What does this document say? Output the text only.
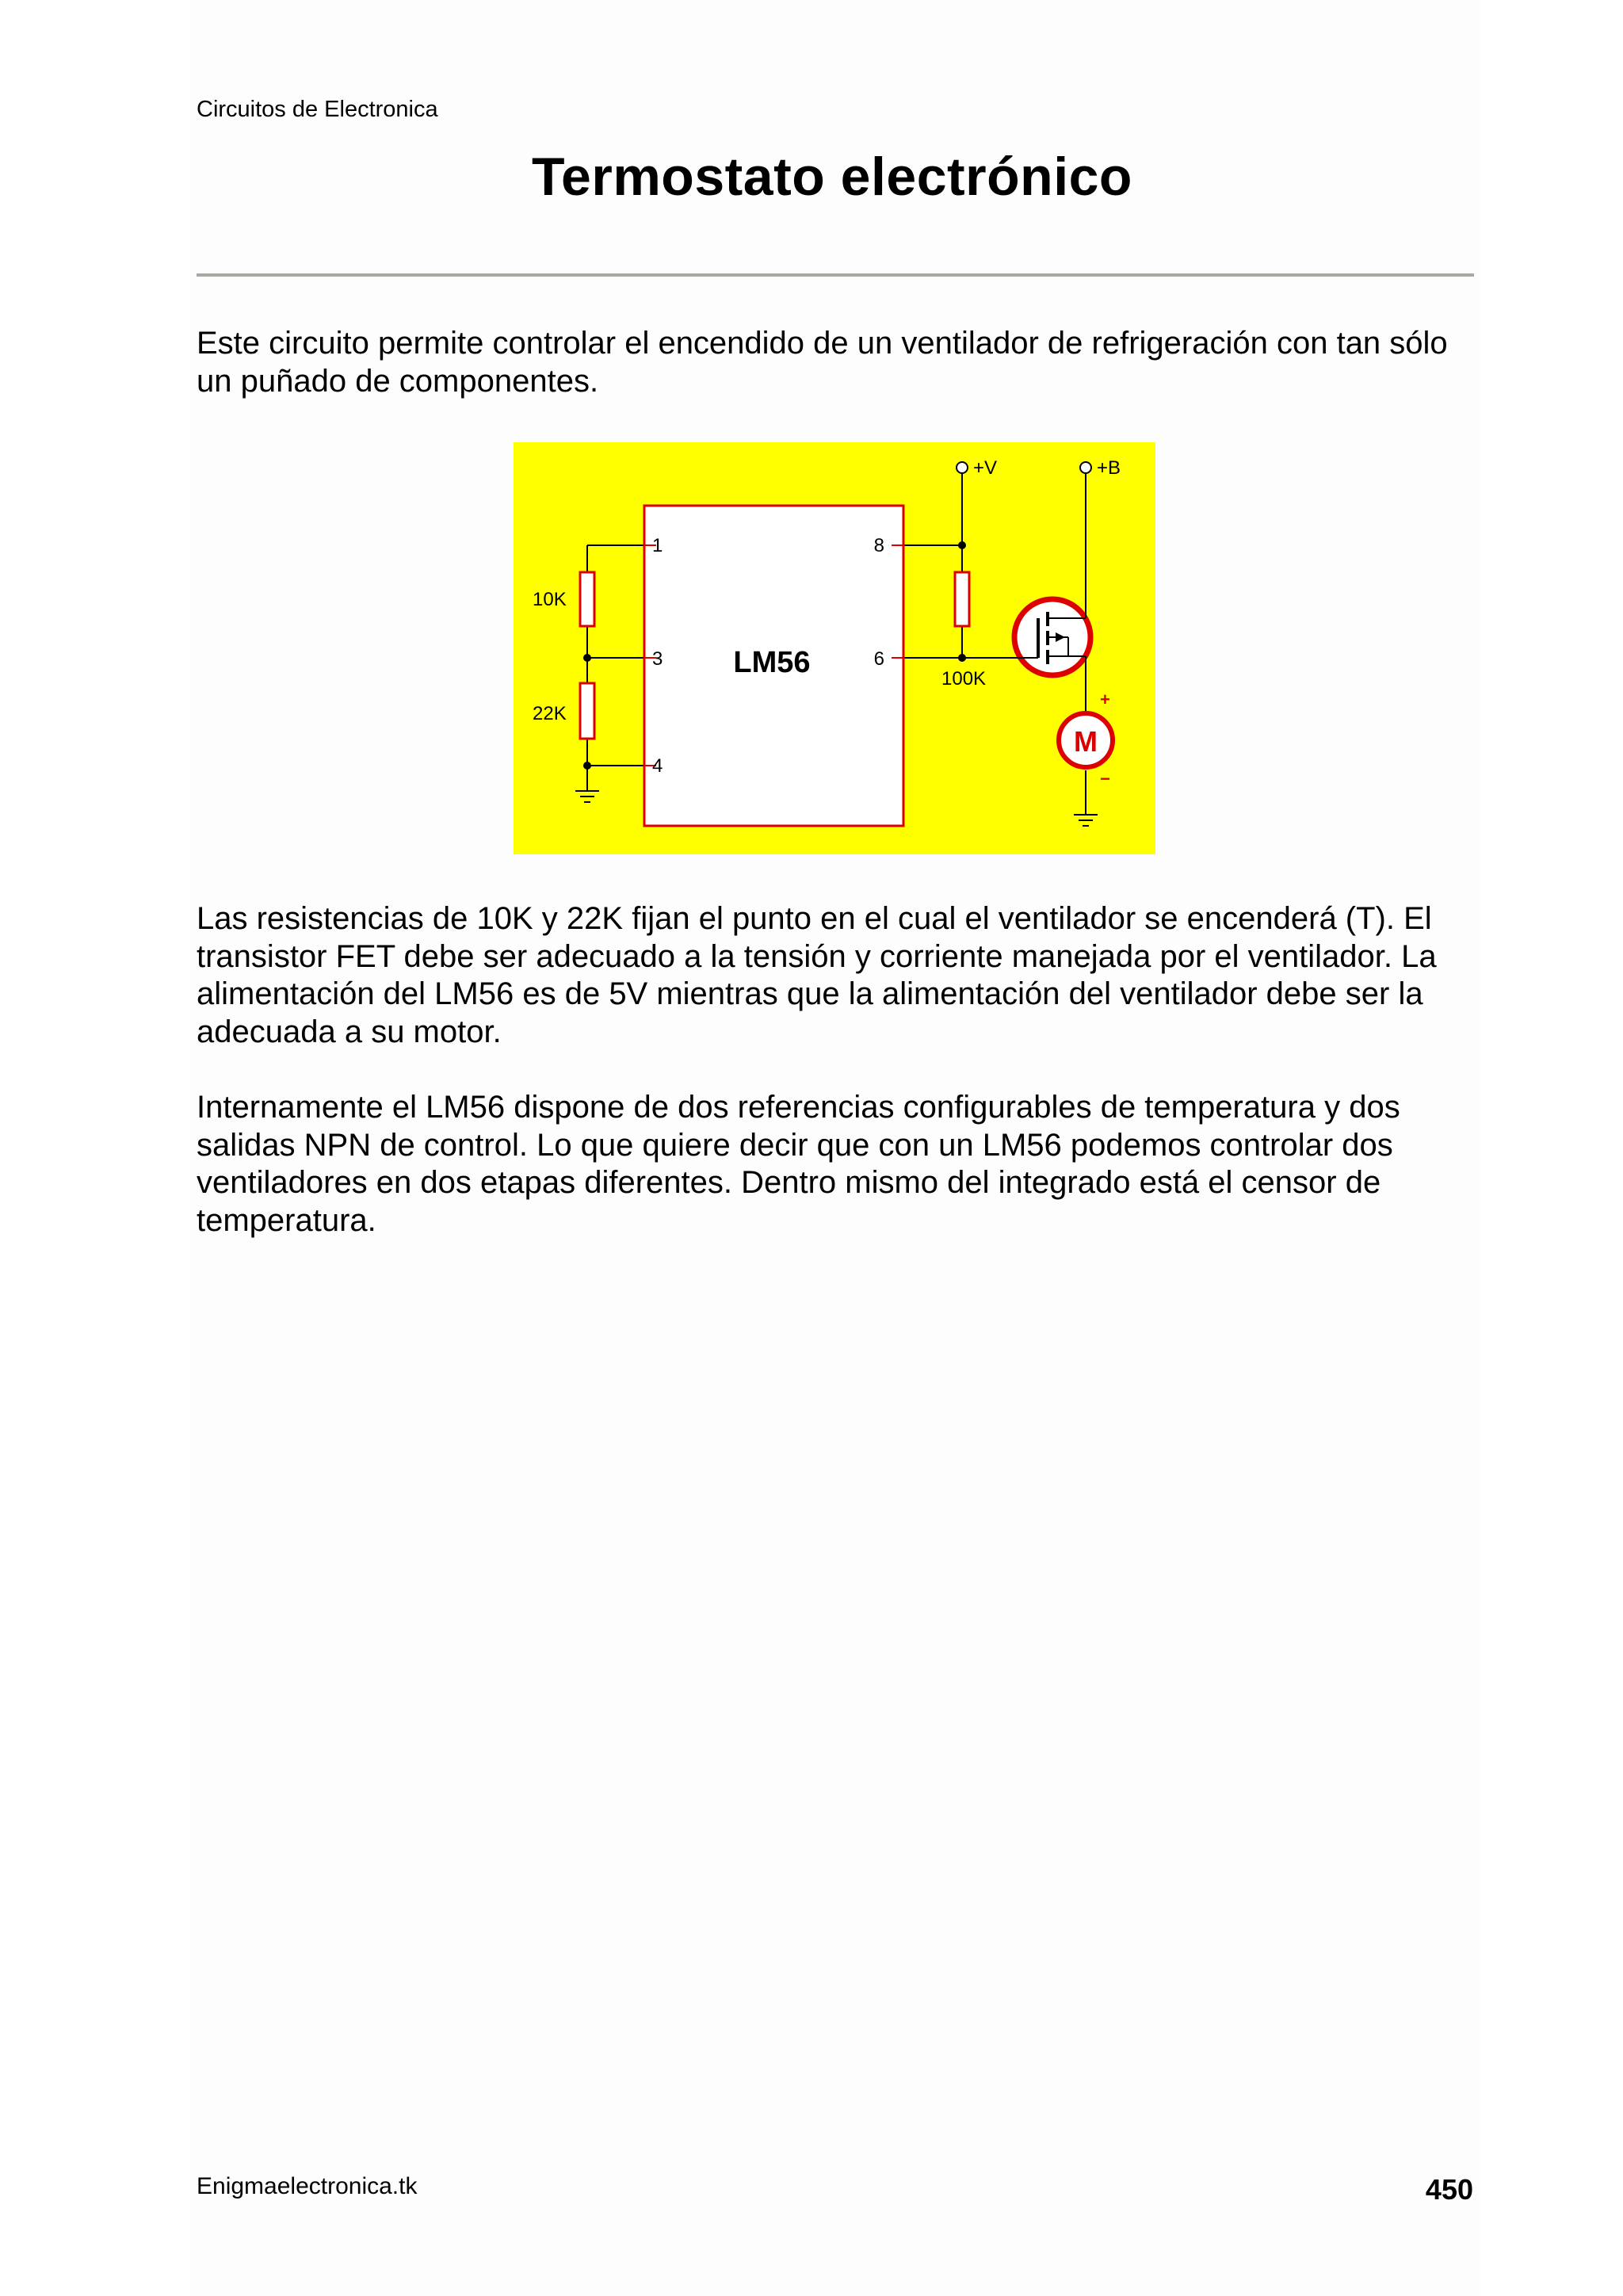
Circuitos de Electronica
Termostato electrónico

Este circuito permite controlar el encendido de un ventilador de refrigeración con tan sólo un puñado de componentes.

M
+
−
1
3
4
8
6
LM56
10K
22K
100K
+V	+B

Las resistencias de 10K y 22K fijan el punto en el cual el ventilador se encenderá (T). El transistor FET debe ser adecuado a la tensión y corriente manejada por el ventilador. La alimentación del LM56 es de 5V mientras que la alimentación del ventilador debe ser la adecuada a su motor.

Internamente el LM56 dispone de dos referencias configurables de temperatura y dos salidas NPN de control. Lo que quiere decir que con un LM56 podemos controlar dos ventiladores en dos etapas diferentes. Dentro mismo del integrado está el censor de temperatura.

Enigmaelectronica.tk	450
